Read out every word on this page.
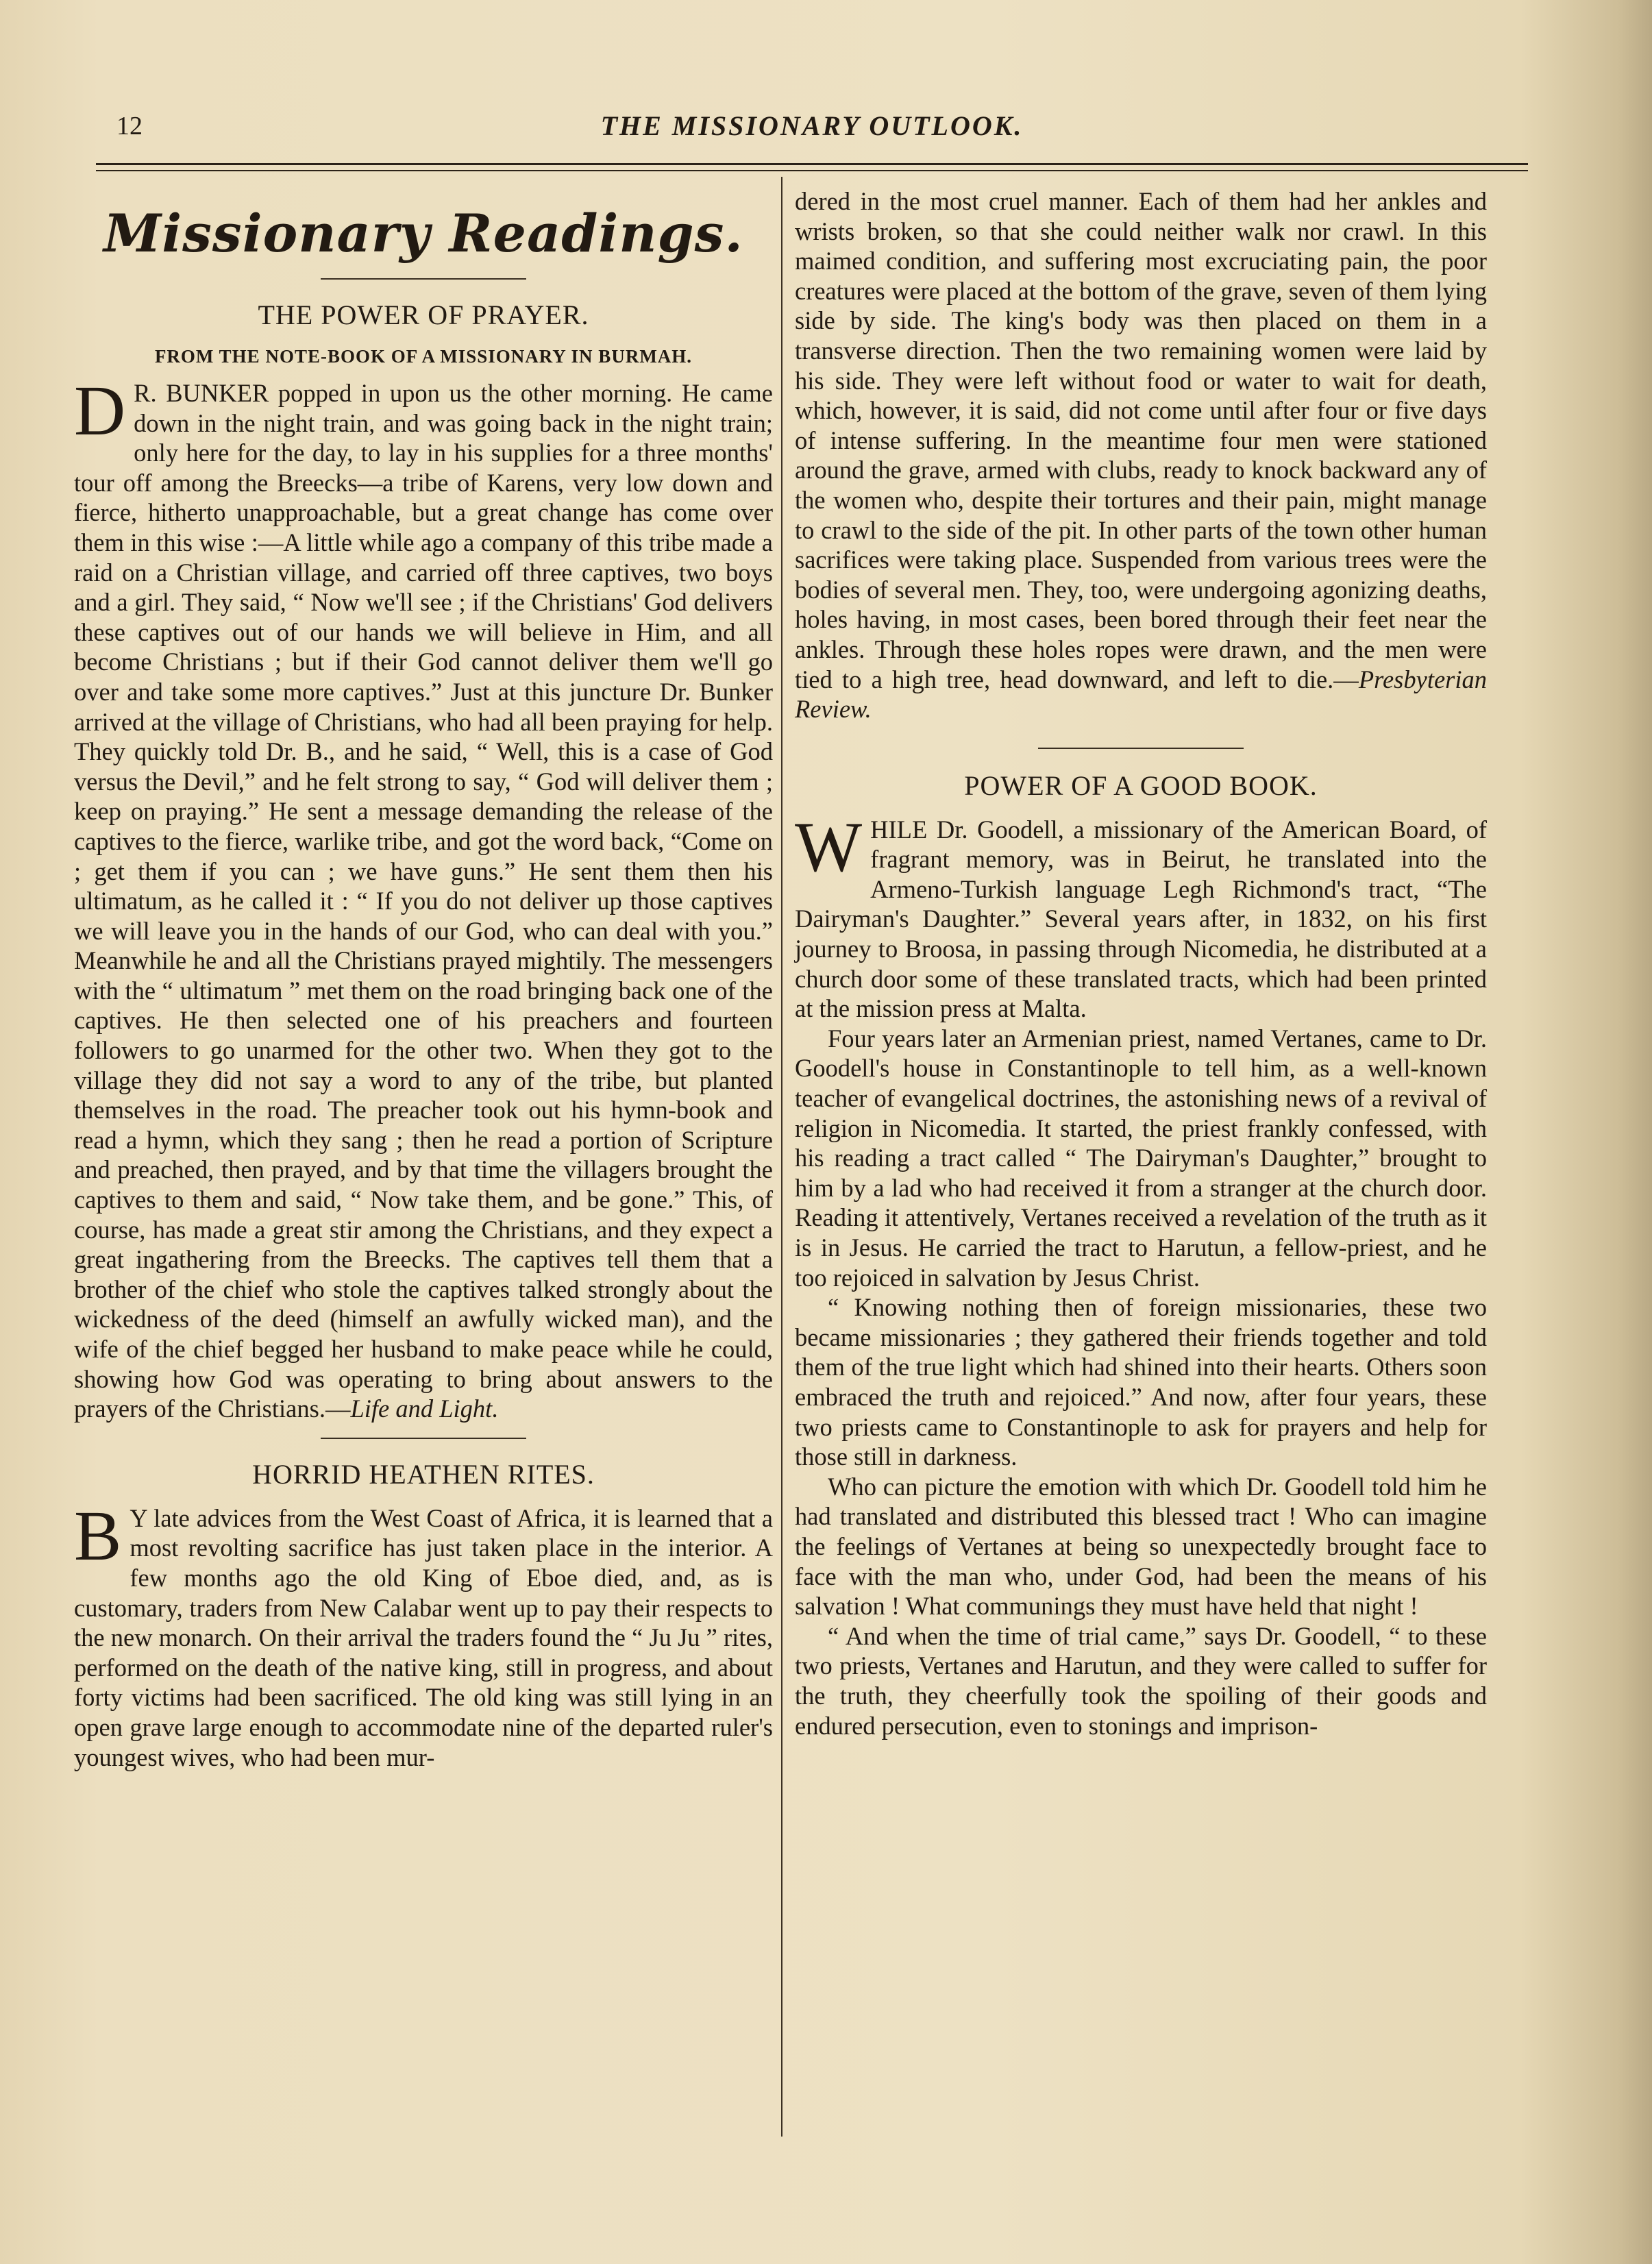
12	THE MISSIONARY OUTLOOK.
Missionary Readings.
THE POWER OF PRAYER.
FROM THE NOTE-BOOK OF A MISSIONARY IN BURMAH.

D R. BUNKER popped in upon us the other morning. He came down in the night train, and was going back in the night train; only here for the day, to lay in his supplies for a three months' tour off among the Breecks—a tribe of Karens, very low down and fierce, hitherto unapproachable, but a great change has come over them in this wise :—A little while ago a company of this tribe made a raid on a Christian village, and carried off three captives, two boys and a girl. They said, “ Now we'll see ; if the Christians' God delivers these captives out of our hands we will believe in Him, and all become Christians ; but if their God cannot deliver them we'll go over and take some more captives.” Just at this juncture Dr. Bunker arrived at the village of Christians, who had all been praying for help. They quickly told Dr. B., and he said, “ Well, this is a case of God versus the Devil,” and he felt strong to say, “ God will deliver them ; keep on praying.” He sent a message demanding the release of the captives to the fierce, warlike tribe, and got the word back, “Come on ; get them if you can ; we have guns.” He sent them then his ultimatum, as he called it : “ If you do not deliver up those captives we will leave you in the hands of our God, who can deal with you.” Meanwhile he and all the Christians prayed mightily. The messengers with the “ ultimatum ” met them on the road bringing back one of the captives. He then selected one of his preachers and fourteen followers to go unarmed for the other two. When they got to the village they did not say a word to any of the tribe, but planted themselves in the road. The preacher took out his hymn-book and read a hymn, which they sang ; then he read a portion of Scripture and preached, then prayed, and by that time the villagers brought the captives to them and said, “ Now take them, and be gone.” This, of course, has made a great stir among the Christians, and they expect a great ingathering from the Breecks. The captives tell them that a brother of the chief who stole the captives talked strongly about the wickedness of the deed (himself an awfully wicked man), and the wife of the chief begged her husband to make peace while he could, showing how God was operating to bring about answers to the prayers of the Christians.—Life and Light.

HORRID HEATHEN RITES.

B Y late advices from the West Coast of Africa, it is learned that a most revolting sacrifice has just taken place in the interior. A few months ago the old King of Eboe died, and, as is customary, traders from New Calabar went up to pay their respects to the new monarch. On their arrival the traders found the “ Ju Ju ” rites, performed on the death of the native king, still in progress, and about forty victims had been sacrificed. The old king was still lying in an open grave large enough to accommodate nine of the departed ruler's youngest wives, who had been mur-

dered in the most cruel manner. Each of them had her ankles and wrists broken, so that she could neither walk nor crawl. In this maimed condition, and suffering most excruciating pain, the poor creatures were placed at the bottom of the grave, seven of them lying side by side. The king's body was then placed on them in a transverse direction. Then the two remaining women were laid by his side. They were left without food or water to wait for death, which, however, it is said, did not come until after four or five days of intense suffering. In the meantime four men were stationed around the grave, armed with clubs, ready to knock backward any of the women who, despite their tortures and their pain, might manage to crawl to the side of the pit. In other parts of the town other human sacrifices were taking place. Suspended from various trees were the bodies of several men. They, too, were undergoing agonizing deaths, holes having, in most cases, been bored through their feet near the ankles. Through these holes ropes were drawn, and the men were tied to a high tree, head downward, and left to die.—Presbyterian Review.

POWER OF A GOOD BOOK.

WHILE Dr. Goodell, a missionary of the American Board, of fragrant memory, was in Beirut, he translated into the Armeno-Turkish language Legh Richmond's tract, “The Dairyman's Daughter.” Several years after, in 1832, on his first journey to Broosa, in passing through Nicomedia, he distributed at a church door some of these translated tracts, which had been printed at the mission press at Malta.

Four years later an Armenian priest, named Vertanes, came to Dr. Goodell's house in Constantinople to tell him, as a well-known teacher of evangelical doctrines, the astonishing news of a revival of religion in Nicomedia. It started, the priest frankly confessed, with his reading a tract called “ The Dairyman's Daughter,” brought to him by a lad who had received it from a stranger at the church door. Reading it attentively, Vertanes received a revelation of the truth as it is in Jesus. He carried the tract to Harutun, a fellow-priest, and he too rejoiced in salvation by Jesus Christ.

“ Knowing nothing then of foreign missionaries, these two became missionaries ; they gathered their friends together and told them of the true light which had shined into their hearts. Others soon embraced the truth and rejoiced.” And now, after four years, these two priests came to Constantinople to ask for prayers and help for those still in darkness.

Who can picture the emotion with which Dr. Goodell told him he had translated and distributed this blessed tract ! Who can imagine the feelings of Vertanes at being so unexpectedly brought face to face with the man who, under God, had been the means of his salvation ! What communings they must have held that night !

“ And when the time of trial came,” says Dr. Goodell, “ to these two priests, Vertanes and Harutun, and they were called to suffer for the truth, they cheerfully took the spoiling of their goods and endured persecution, even to stonings and imprison-
